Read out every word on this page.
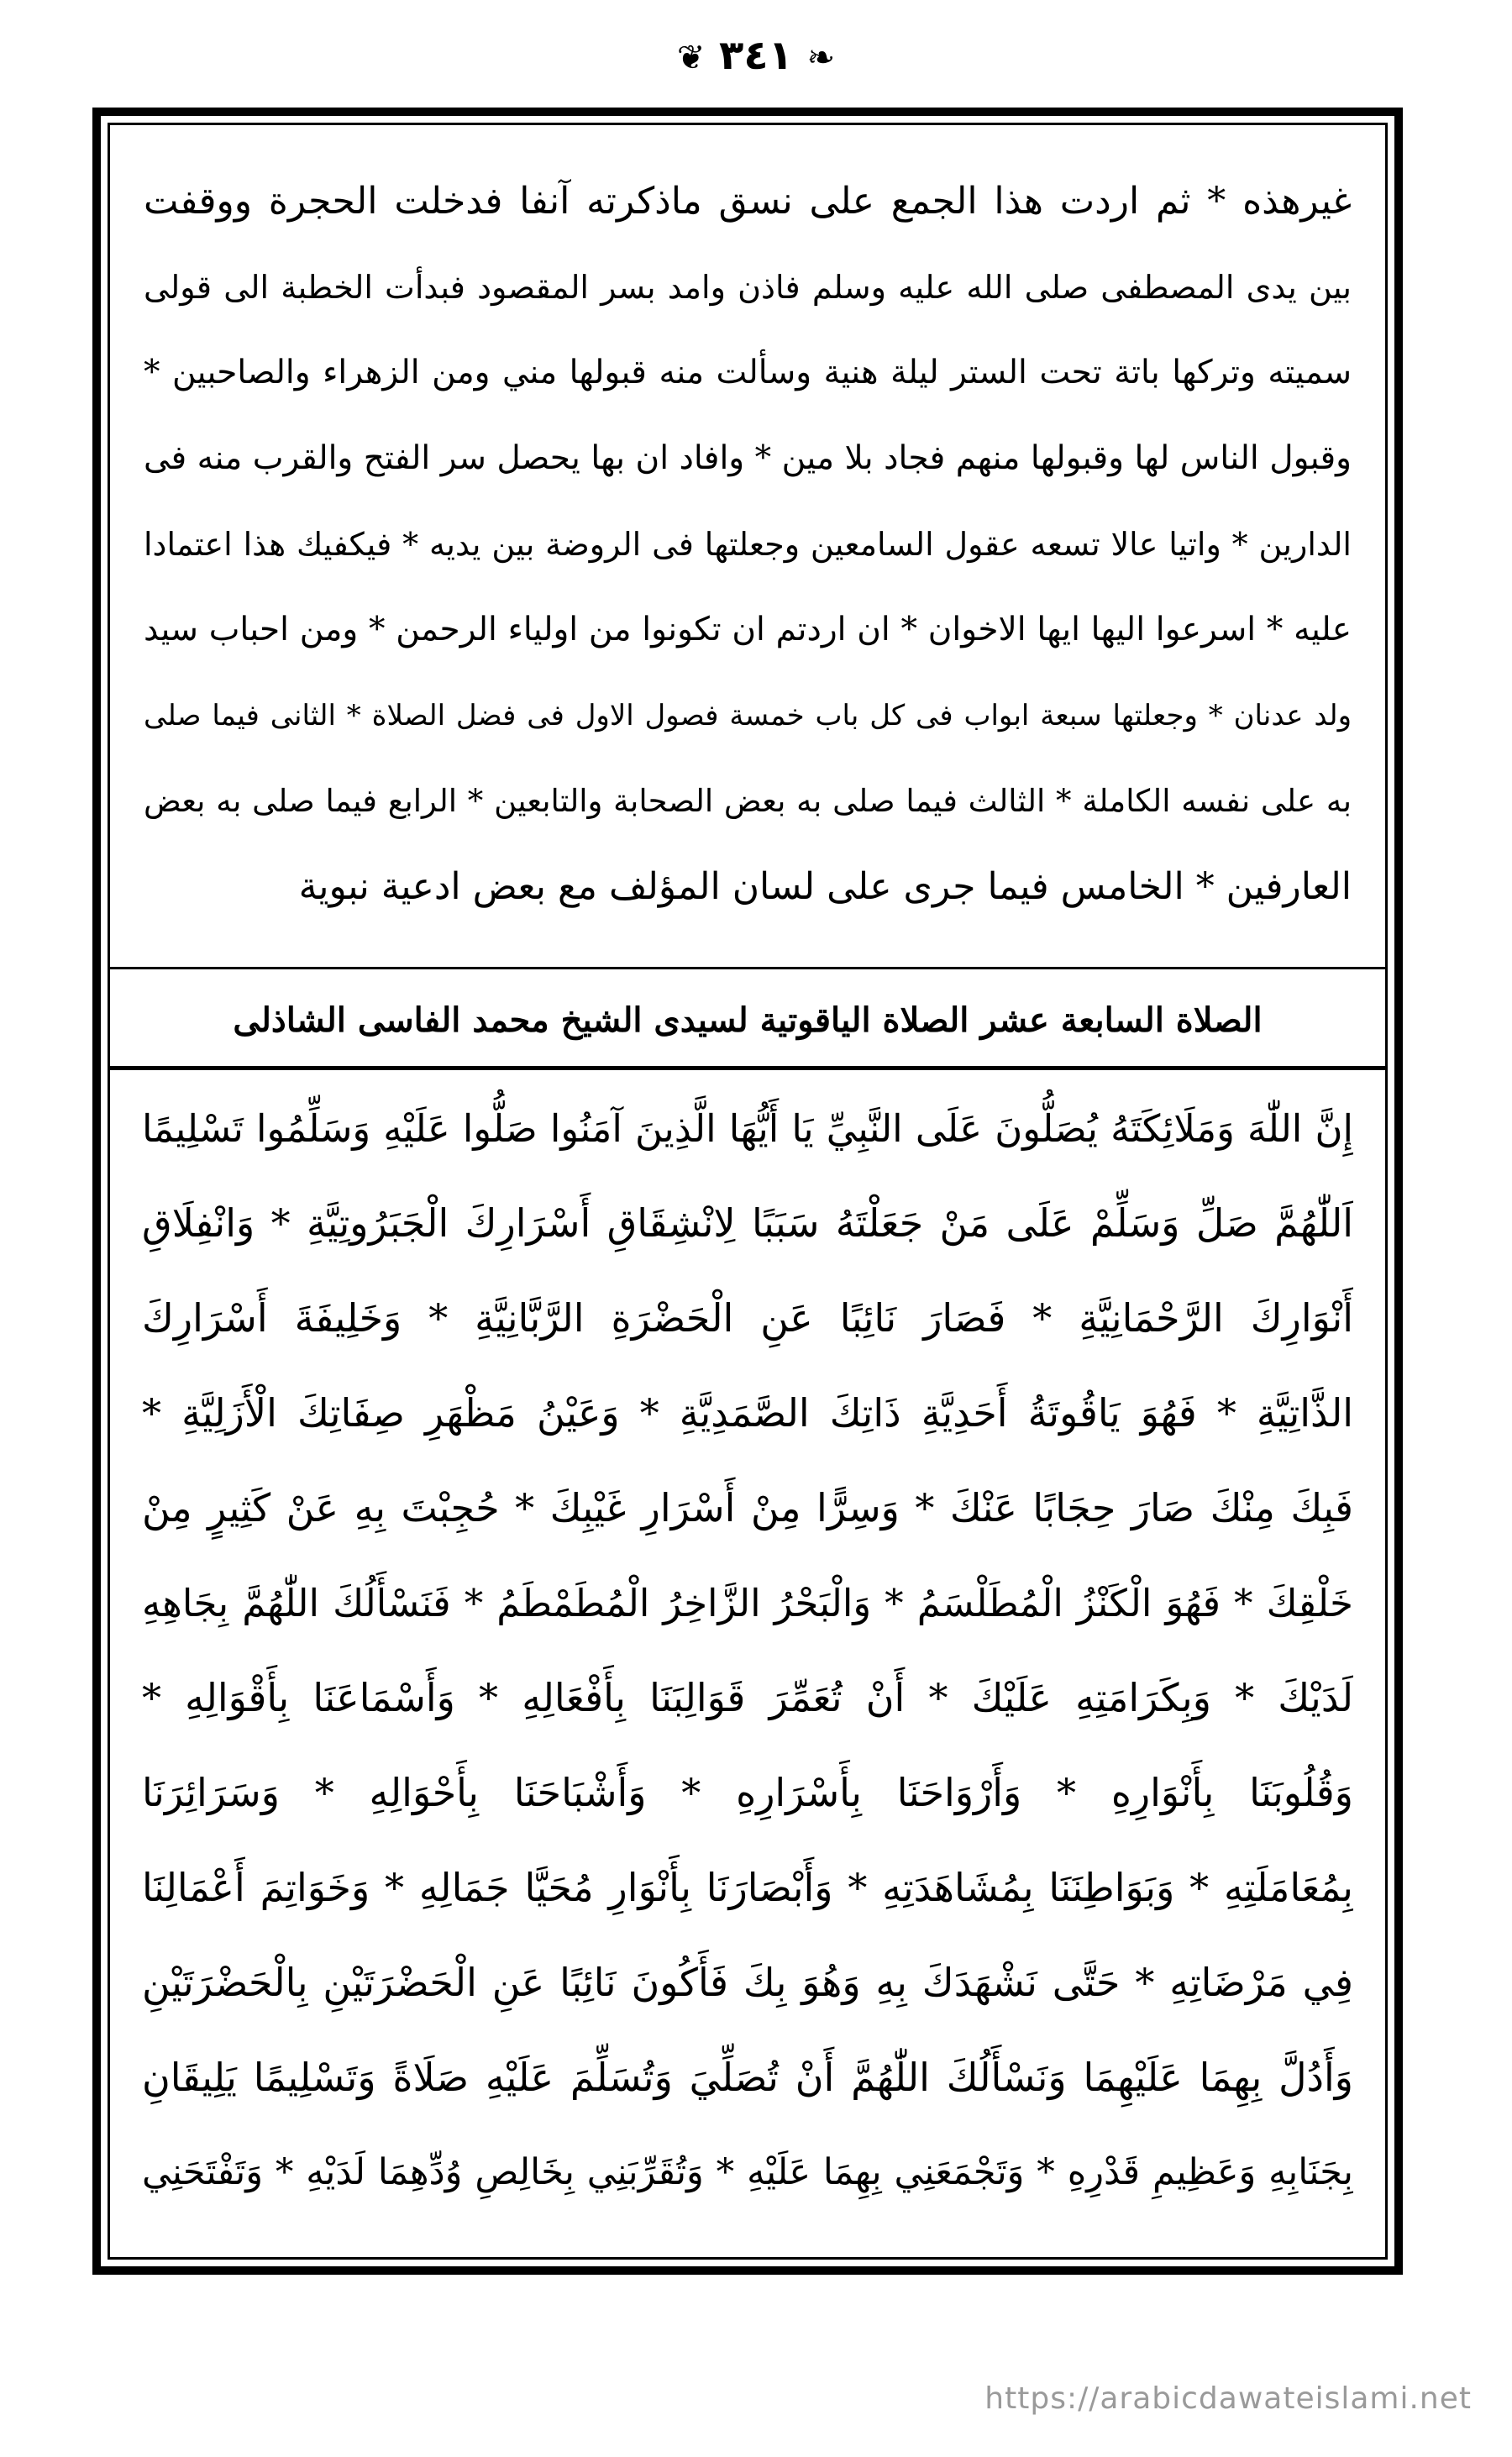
❦ ٣٤١ ❧
غيرهذه * ثم اردت هذا الجمع على نسق ماذكرته آنفا فدخلت الحجرة ووقفت
بين يدى المصطفى صلى الله عليه وسلم فاذن وامد بسر المقصود فبدأت الخطبة الى قولى
سميته وتركها باتة تحت الستر ليلة هنية وسألت منه قبولها مني ومن الزهراء والصاحبين *
وقبول الناس لها وقبولها منهم فجاد بلا مين * وافاد ان بها يحصل سر الفتح والقرب منه فى
الدارين * واتيا عالا تسعه عقول السامعين وجعلتها فى الروضة بين يديه * فيكفيك هذا اعتمادا
عليه * اسرعوا اليها ايها الاخوان * ان اردتم ان تكونوا من اولياء الرحمن * ومن احباب سيد
ولد عدنان * وجعلتها سبعة ابواب فى كل باب خمسة فصول الاول فى فضل الصلاة * الثانى فيما صلى
به على نفسه الكاملة * الثالث فيما صلى به بعض الصحابة والتابعين * الرابع فيما صلى به بعض
العارفين * الخامس فيما جرى على لسان المؤلف مع بعض ادعية نبوية
الصلاة السابعة عشر الصلاة الياقوتية لسيدى الشيخ محمد الفاسى الشاذلى
إِنَّ اللّٰهَ وَمَلَائِكَتَهُ يُصَلُّونَ عَلَى النَّبِيِّ يَا أَيُّهَا الَّذِينَ آمَنُوا صَلُّوا عَلَيْهِ وَسَلِّمُوا تَسْلِيمًا
اَللّٰهُمَّ صَلِّ وَسَلِّمْ عَلَى مَنْ جَعَلْتَهُ سَبَبًا لِانْشِقَاقِ أَسْرَارِكَ الْجَبَرُوتِيَّةِ * وَانْفِلَاقِ
أَنْوَارِكَ الرَّحْمَانِيَّةِ * فَصَارَ نَائِبًا عَنِ الْحَضْرَةِ الرَّبَّانِيَّةِ * وَخَلِيفَةَ أَسْرَارِكَ
الذَّاتِيَّةِ * فَهُوَ يَاقُوتَةُ أَحَدِيَّةِ ذَاتِكَ الصَّمَدِيَّةِ * وَعَيْنُ مَظْهَرِ صِفَاتِكَ الْأَزَلِيَّةِ *
فَبِكَ مِنْكَ صَارَ حِجَابًا عَنْكَ * وَسِرًّا مِنْ أَسْرَارِ غَيْبِكَ * حُجِبْتَ بِهِ عَنْ كَثِيرٍ مِنْ
خَلْقِكَ * فَهُوَ الْكَنْزُ الْمُطَلْسَمُ * وَالْبَحْرُ الزَّاخِرُ الْمُطَمْطَمُ * فَنَسْأَلُكَ اللّٰهُمَّ بِجَاهِهِ
لَدَيْكَ * وَبِكَرَامَتِهِ عَلَيْكَ * أَنْ تُعَمِّرَ قَوَالِبَنَا بِأَفْعَالِهِ * وَأَسْمَاعَنَا بِأَقْوَالِهِ *
وَقُلُوبَنَا بِأَنْوَارِهِ * وَأَرْوَاحَنَا بِأَسْرَارِهِ * وَأَشْبَاحَنَا بِأَحْوَالِهِ * وَسَرَائِرَنَا
بِمُعَامَلَتِهِ * وَبَوَاطِنَنَا بِمُشَاهَدَتِهِ * وَأَبْصَارَنَا بِأَنْوَارِ مُحَيَّا جَمَالِهِ * وَخَوَاتِمَ أَعْمَالِنَا
فِي مَرْضَاتِهِ * حَتَّى نَشْهَدَكَ بِهِ وَهُوَ بِكَ فَأَكُونَ نَائِبًا عَنِ الْحَضْرَتَيْنِ بِالْحَضْرَتَيْنِ
وَأَدُلَّ بِهِمَا عَلَيْهِمَا وَنَسْأَلُكَ اللّٰهُمَّ أَنْ تُصَلِّيَ وَتُسَلِّمَ عَلَيْهِ صَلَاةً وَتَسْلِيمًا يَلِيقَانِ
بِجَنَابِهِ وَعَظِيمِ قَدْرِهِ * وَتَجْمَعَنِي بِهِمَا عَلَيْهِ * وَتُقَرِّبَنِي بِخَالِصِ وُدِّهِمَا لَدَيْهِ * وَتَفْتَحَنِي
https://arabicdawateislami.net
